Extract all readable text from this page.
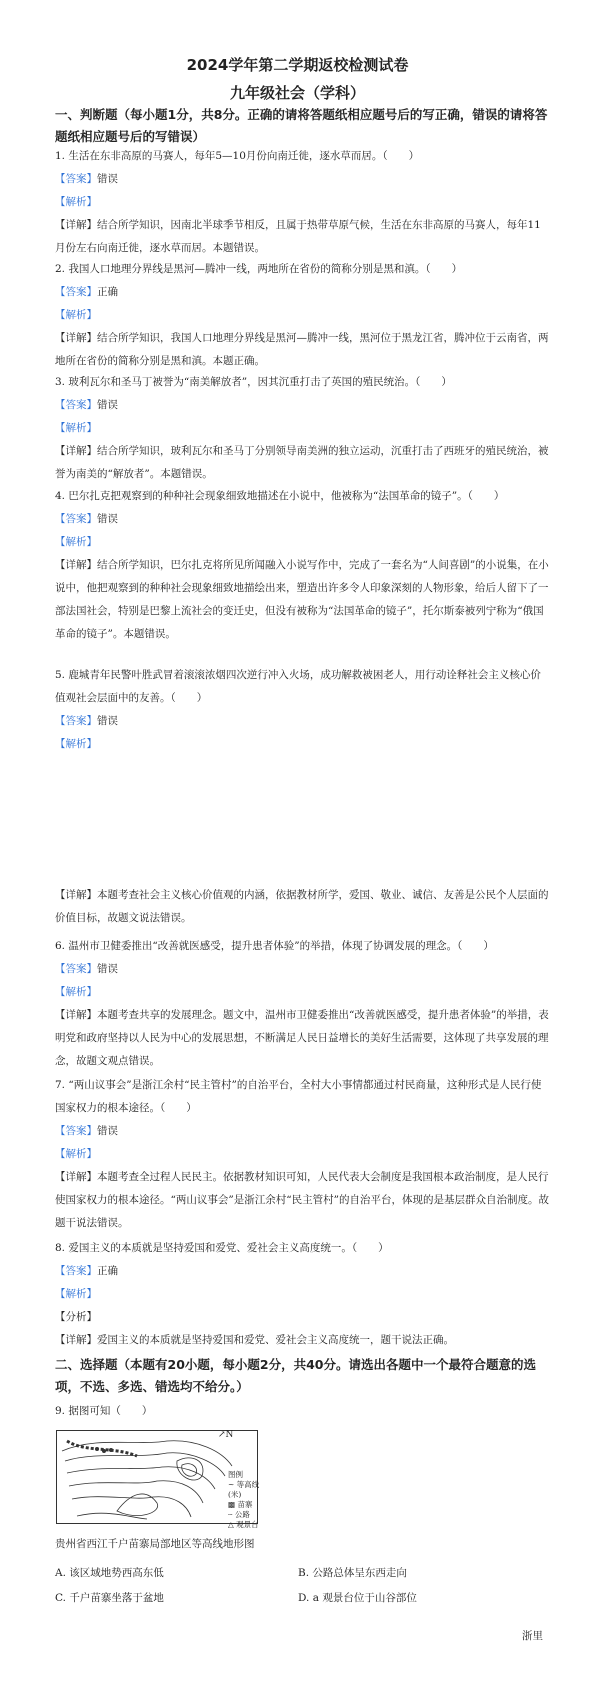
2024学年第二学期返校检测试卷
九年级社会（学科）
一、判断题（每小题1分，共8分。正确的请将答题纸相应题号后的写正确，错误的请将答题纸相应题号后的写错误）
1. 生活在东非高原的马赛人，每年5—10月份向南迁徙，逐水草而居。（　　）
【答案】错误
【解析】
【详解】结合所学知识，因南北半球季节相反，且属于热带草原气候，生活在东非高原的马赛人，每年11月份左右向南迁徙，逐水草而居。本题错误。
2. 我国人口地理分界线是黑河—腾冲一线，两地所在省份的简称分别是黑和滇。（　　）
【答案】正确
【解析】
【详解】结合所学知识，我国人口地理分界线是黑河—腾冲一线，黑河位于黑龙江省，腾冲位于云南省，两地所在省份的简称分别是黑和滇。本题正确。
3. 玻利瓦尔和圣马丁被誉为“南美解放者”，因其沉重打击了英国的殖民统治。（　　）
【答案】错误
【解析】
【详解】结合所学知识，玻利瓦尔和圣马丁分别领导南美洲的独立运动，沉重打击了西班牙的殖民统治，被誉为南美的“解放者”。本题错误。
4. 巴尔扎克把观察到的种种社会现象细致地描述在小说中，他被称为“法国革命的镜子”。（　　）
【答案】错误
【解析】
【详解】结合所学知识，巴尔扎克将所见所闻融入小说写作中，完成了一套名为“人间喜剧”的小说集，在小说中，他把观察到的种种社会现象细致地描绘出来，塑造出许多令人印象深刻的人物形象，给后人留下了一部法国社会，特别是巴黎上流社会的变迁史，但没有被称为“法国革命的镜子”，托尔斯泰被列宁称为“俄国革命的镜子”。本题错误。
5. 鹿城青年民警叶胜武冒着滚滚浓烟四次逆行冲入火场，成功解救被困老人，用行动诠释社会主义核心价值观社会层面中的友善。（　　）
【答案】错误
【解析】
【详解】本题考查社会主义核心价值观的内涵，依据教材所学，爱国、敬业、诚信、友善是公民个人层面的价值目标，故题文说法错误。
6. 温州市卫健委推出“改善就医感受，提升患者体验”的举措，体现了协调发展的理念。（　　）
【答案】错误
【解析】
【详解】本题考查共享的发展理念。题文中，温州市卫健委推出“改善就医感受，提升患者体验”的举措，表明党和政府坚持以人民为中心的发展思想，不断满足人民日益增长的美好生活需要，这体现了共享发展的理念，故题文观点错误。
7. “两山议事会”是浙江余村“民主管村”的自治平台，全村大小事情都通过村民商量，这种形式是人民行使国家权力的根本途径。（　　）
【答案】错误
【解析】
【详解】本题考查全过程人民民主。依据教材知识可知，人民代表大会制度是我国根本政治制度，是人民行使国家权力的根本途径。“两山议事会”是浙江余村“民主管村”的自治平台，体现的是基层群众自治制度。故题干说法错误。
8. 爱国主义的本质就是坚持爱国和爱党、爱社会主义高度统一。（　　）
【答案】正确
【解析】
【分析】
【详解】爱国主义的本质就是坚持爱国和爱党、爱社会主义高度统一，题干说法正确。
二、选择题（本题有20小题，每小题2分，共40分。请选出各题中一个最符合题意的选项，不选、多选、错选均不给分。）
9. 据图可知（　　）
↗N
图例
~ 等高线(米)
▩ 苗寨
┄ 公路
△ 观景台
贵州省西江千户苗寨局部地区等高线地形图
A. 该区域地势西高东低	B. 公路总体呈东西走向
C. 千户苗寨坐落于盆地	D. a 观景台位于山谷部位
浙里
